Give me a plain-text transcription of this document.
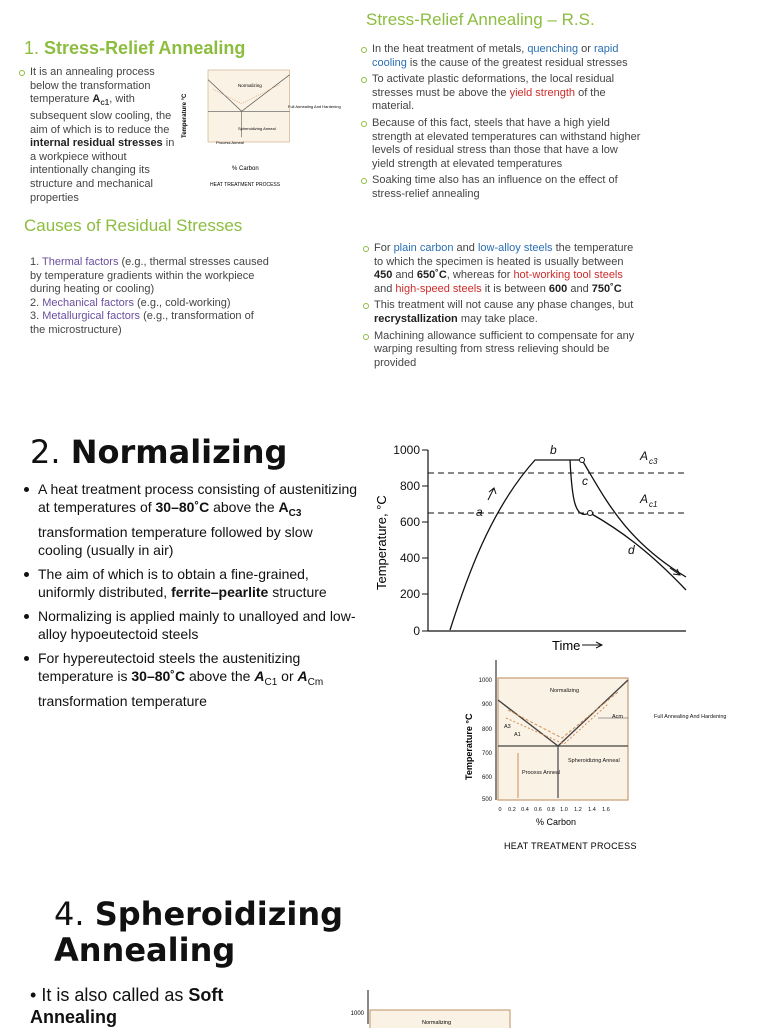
1. Stress-Relief Annealing
It is an annealing process below the transformation temperature $A_{c1}$, with subsequent slow cooling, the aim of which is to reduce the internal residual stresses in a workpiece without intentionally changing its structure and mechanical properties
Temperature °C
Normalizing
Spheroidizing Anneal
Process Anneal
Full Annealing And Hardening
% Carbon
HEAT TREATMENT PROCESS
Causes of Residual Stresses
1. Thermal factors (e.g., thermal stresses caused by temperature gradients within the workpiece during heating or cooling)
2. Mechanical factors (e.g., cold-working)
3. Metallurgical factors (e.g., transformation of the microstructure)
Stress-Relief Annealing – R.S.
In the heat treatment of metals, quenching or rapid cooling is the cause of the greatest residual stresses
To activate plastic deformations, the local residual stresses must be above the yield strength of the material.
Because of this fact, steels that have a high yield strength at elevated temperatures can withstand higher levels of residual stress than those that have a low yield strength at elevated temperatures
Soaking time also has an influence on the effect of stress-relief annealing
For plain carbon and low-alloy steels the temperature to which the specimen is heated is usually between 450 and 650˚C, whereas for hot-working tool steels and high-speed steels it is between 600 and 750˚C
This treatment will not cause any phase changes, but recrystallization may take place.
Machining allowance sufficient to compensate for any warping resulting from stress relieving should be provided
2. Normalizing
A heat treatment process consisting of austenitizing at temperatures of 30–80˚C above the $A_{C3}$ transformation temperature followed by slow cooling (usually in air)
The aim of which is to obtain a fine-grained, uniformly distributed, ferrite–pearlite structure
Normalizing is applied mainly to unalloyed and low-alloy hypoeutectoid steels
For hypereutectoid steels the austenitizing temperature is 30–80˚C above the $A_{C1}$ or $A_{Cm}$ transformation temperature
1000
800
600
400
200
0
Temperature, °C
Time
a
b
c
d
A c3
A c1
1000
900
800
700
600
500
0 0.2 0.4 0.6 0.8 1.0 1.2 1.4 1.6
Temperature °C
% Carbon
HEAT TREATMENT PROCESS
Normalizing
Acm
A3
A1
Spheroidizing Anneal
Process Anneal
Full Annealing And Hardening
4. Spheroidizing
Annealing
• It is also called as Soft Annealing	1000
Normalizing
